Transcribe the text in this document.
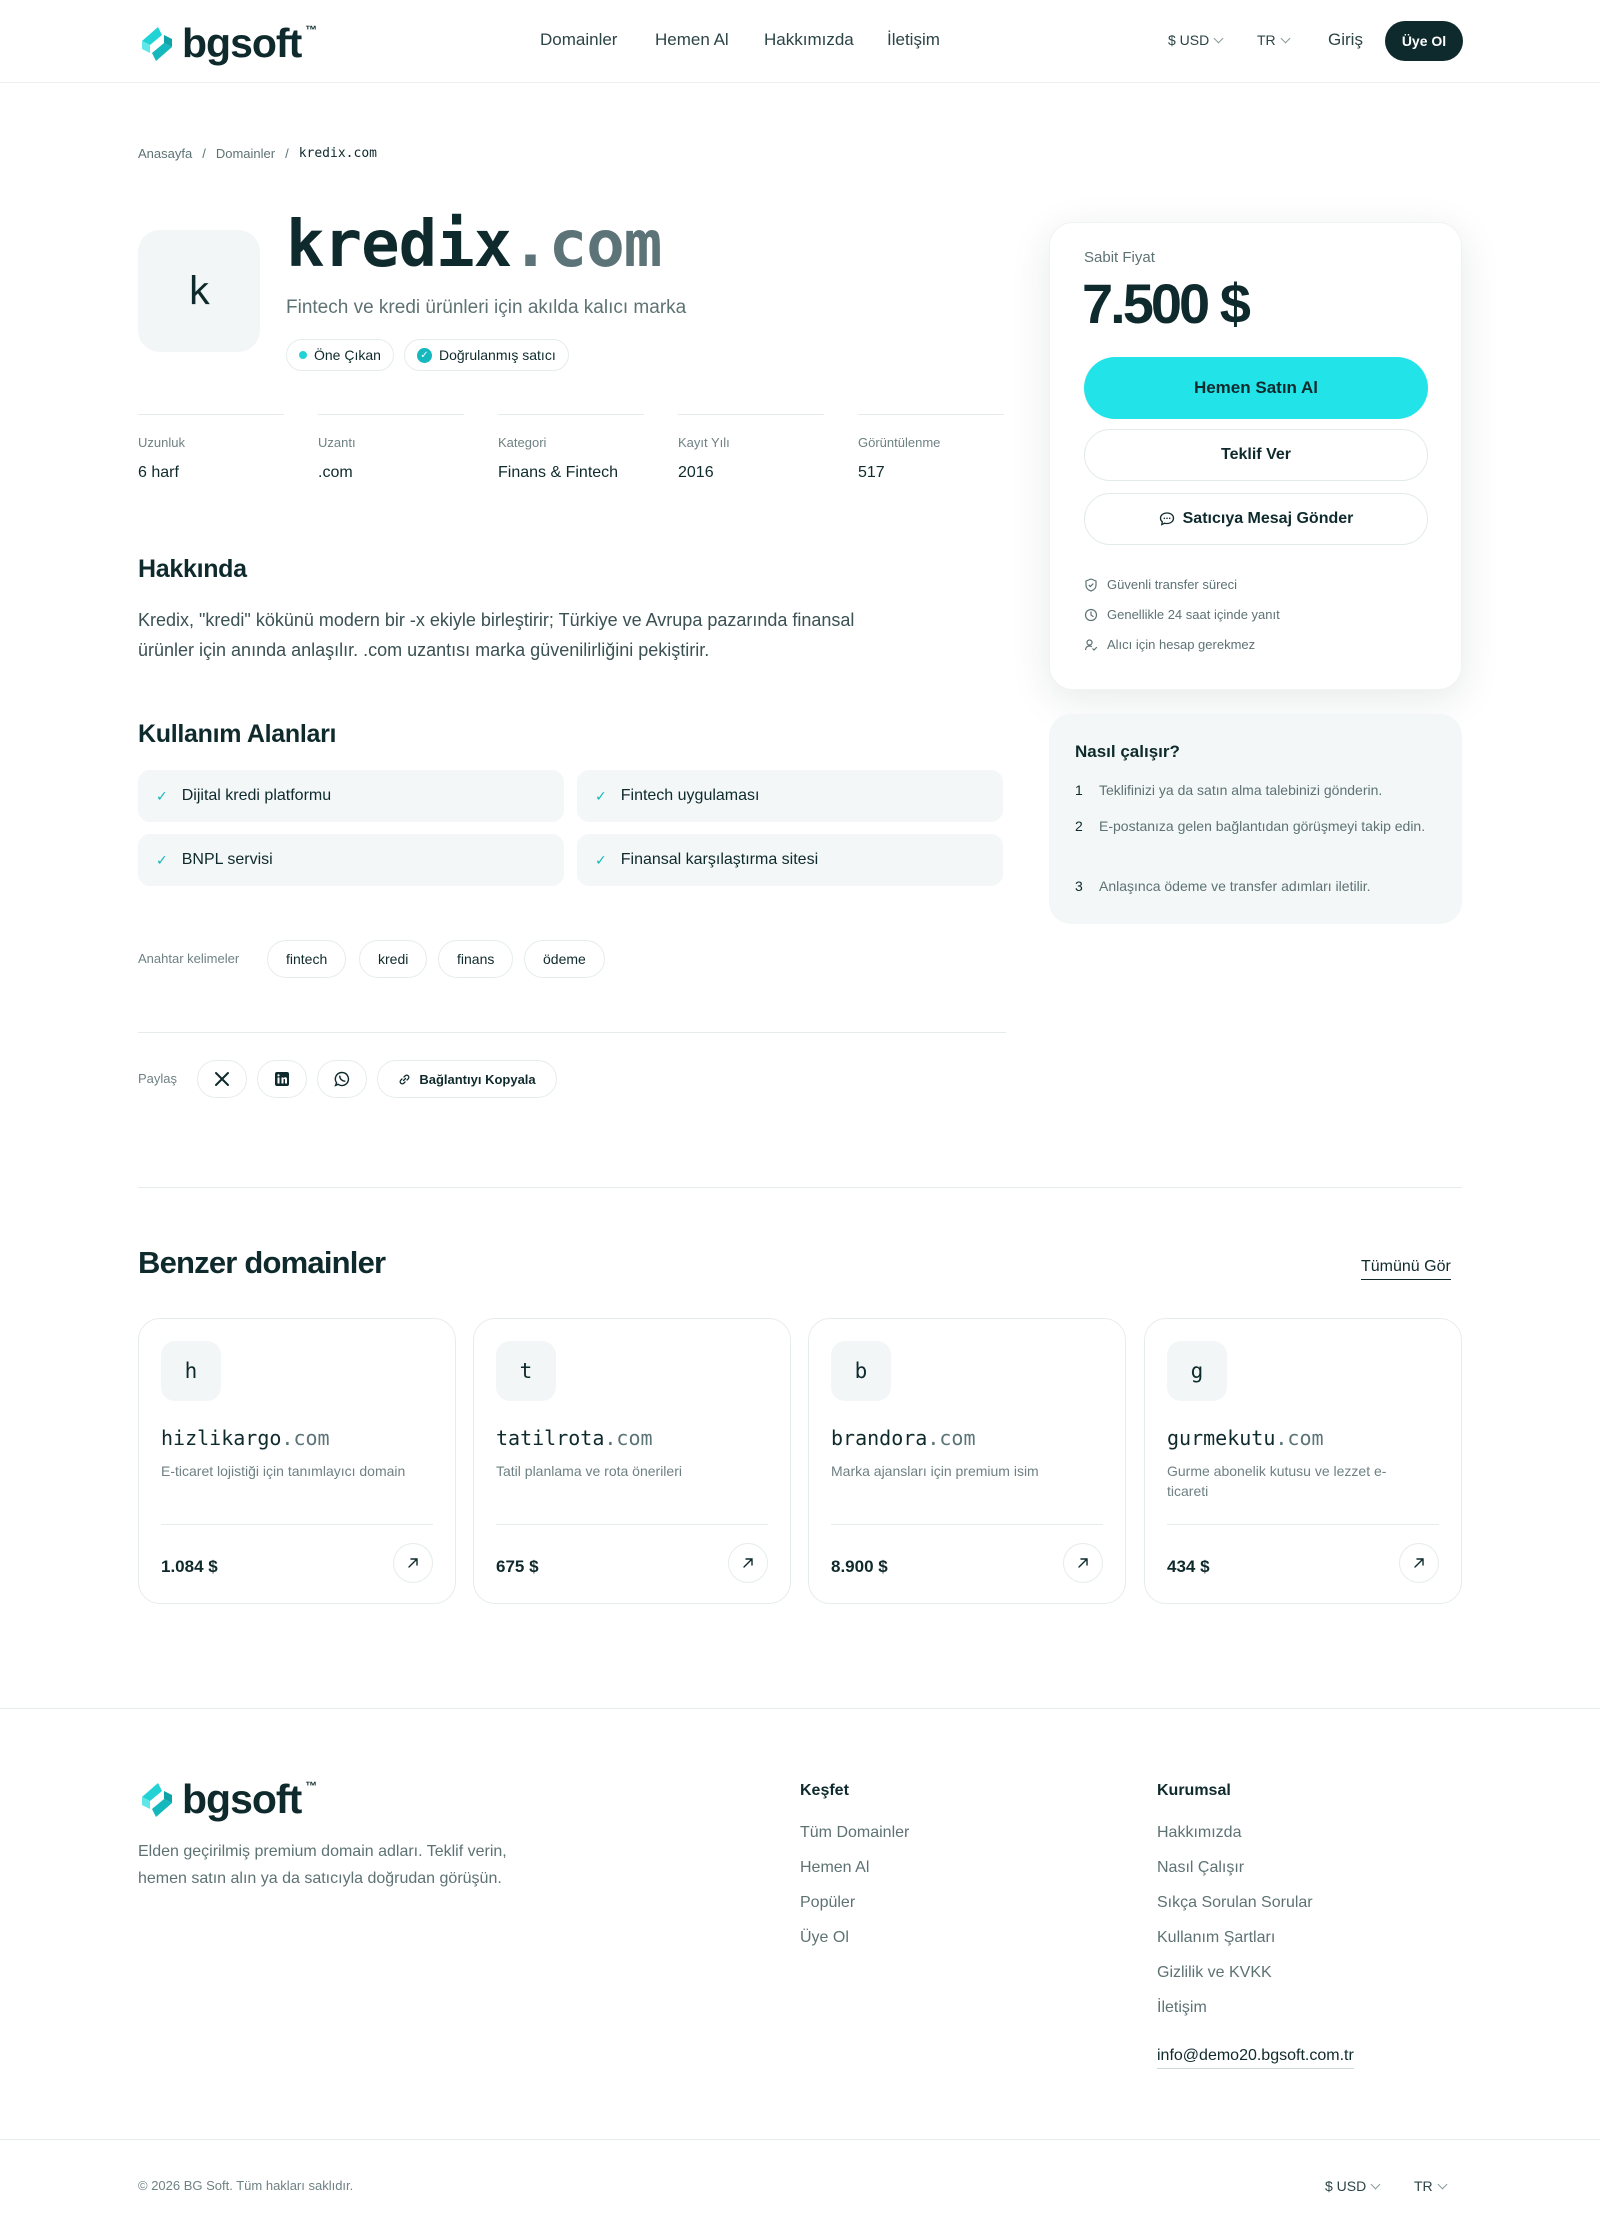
bgsoft ™
Domainler Hemen Al Hakkımızda İletişim	$ USD	TR	Giriş	Üye Ol
Anasayfa / Domainler / kredix.com
k
kredix.com
Fintech ve kredi ürünleri için akılda kalıcı marka
Öne Çıkan	✓ Doğrulanmış satıcı
Uzunluk
6 harf
Uzantı
.com
Kategori
Finans & Fintech
Kayıt Yılı
2016
Görüntülenme
517
Hakkında
Kredix, "kredi" kökünü modern bir -x ekiyle birleştirir; Türkiye ve Avrupa pazarında finansal ürünler için anında anlaşılır. .com uzantısı marka güvenilirliğini pekiştirir.
Kullanım Alanları
✓ Dijital kredi platformu	✓ Fintech uygulaması
✓ BNPL servisi	✓ Finansal karşılaştırma sitesi
Anahtar kelimeler	fintech	kredi	finans	ödeme
Paylaş	Bağlantıyı Kopyala
Sabit Fiyat
7.500 $
Hemen Satın Al
Teklif Ver
Satıcıya Mesaj Gönder
Güvenli transfer süreci
Genellikle 24 saat içinde yanıt
Alıcı için hesap gerekmez
Nasıl çalışır?
1 Teklifinizi ya da satın alma talebinizi gönderin.
2 E-postanıza gelen bağlantıdan görüşmeyi takip edin.
3 Anlaşınca ödeme ve transfer adımları iletilir.
Benzer domainler	Tümünü Gör
h
hizlikargo.com
E-ticaret lojistiği için tanımlayıcı domain
1.084 $
t
tatilrota.com
Tatil planlama ve rota önerileri
675 $
b
brandora.com
Marka ajansları için premium isim
8.900 $
g
gurmekutu.com
Gurme abonelik kutusu ve lezzet e-ticareti
434 $
bgsoft ™
Elden geçirilmiş premium domain adları. Teklif verin, hemen satın alın ya da satıcıyla doğrudan görüşün.
Keşfet
Tüm Domainler
Hemen Al
Popüler
Üye Ol
Kurumsal
Hakkımızda
Nasıl Çalışır
Sıkça Sorulan Sorular
Kullanım Şartları
Gizlilik ve KVKK
İletişim
info@demo20.bgsoft.com.tr
© 2026 BG Soft. Tüm hakları saklıdır.	$ USD	TR
